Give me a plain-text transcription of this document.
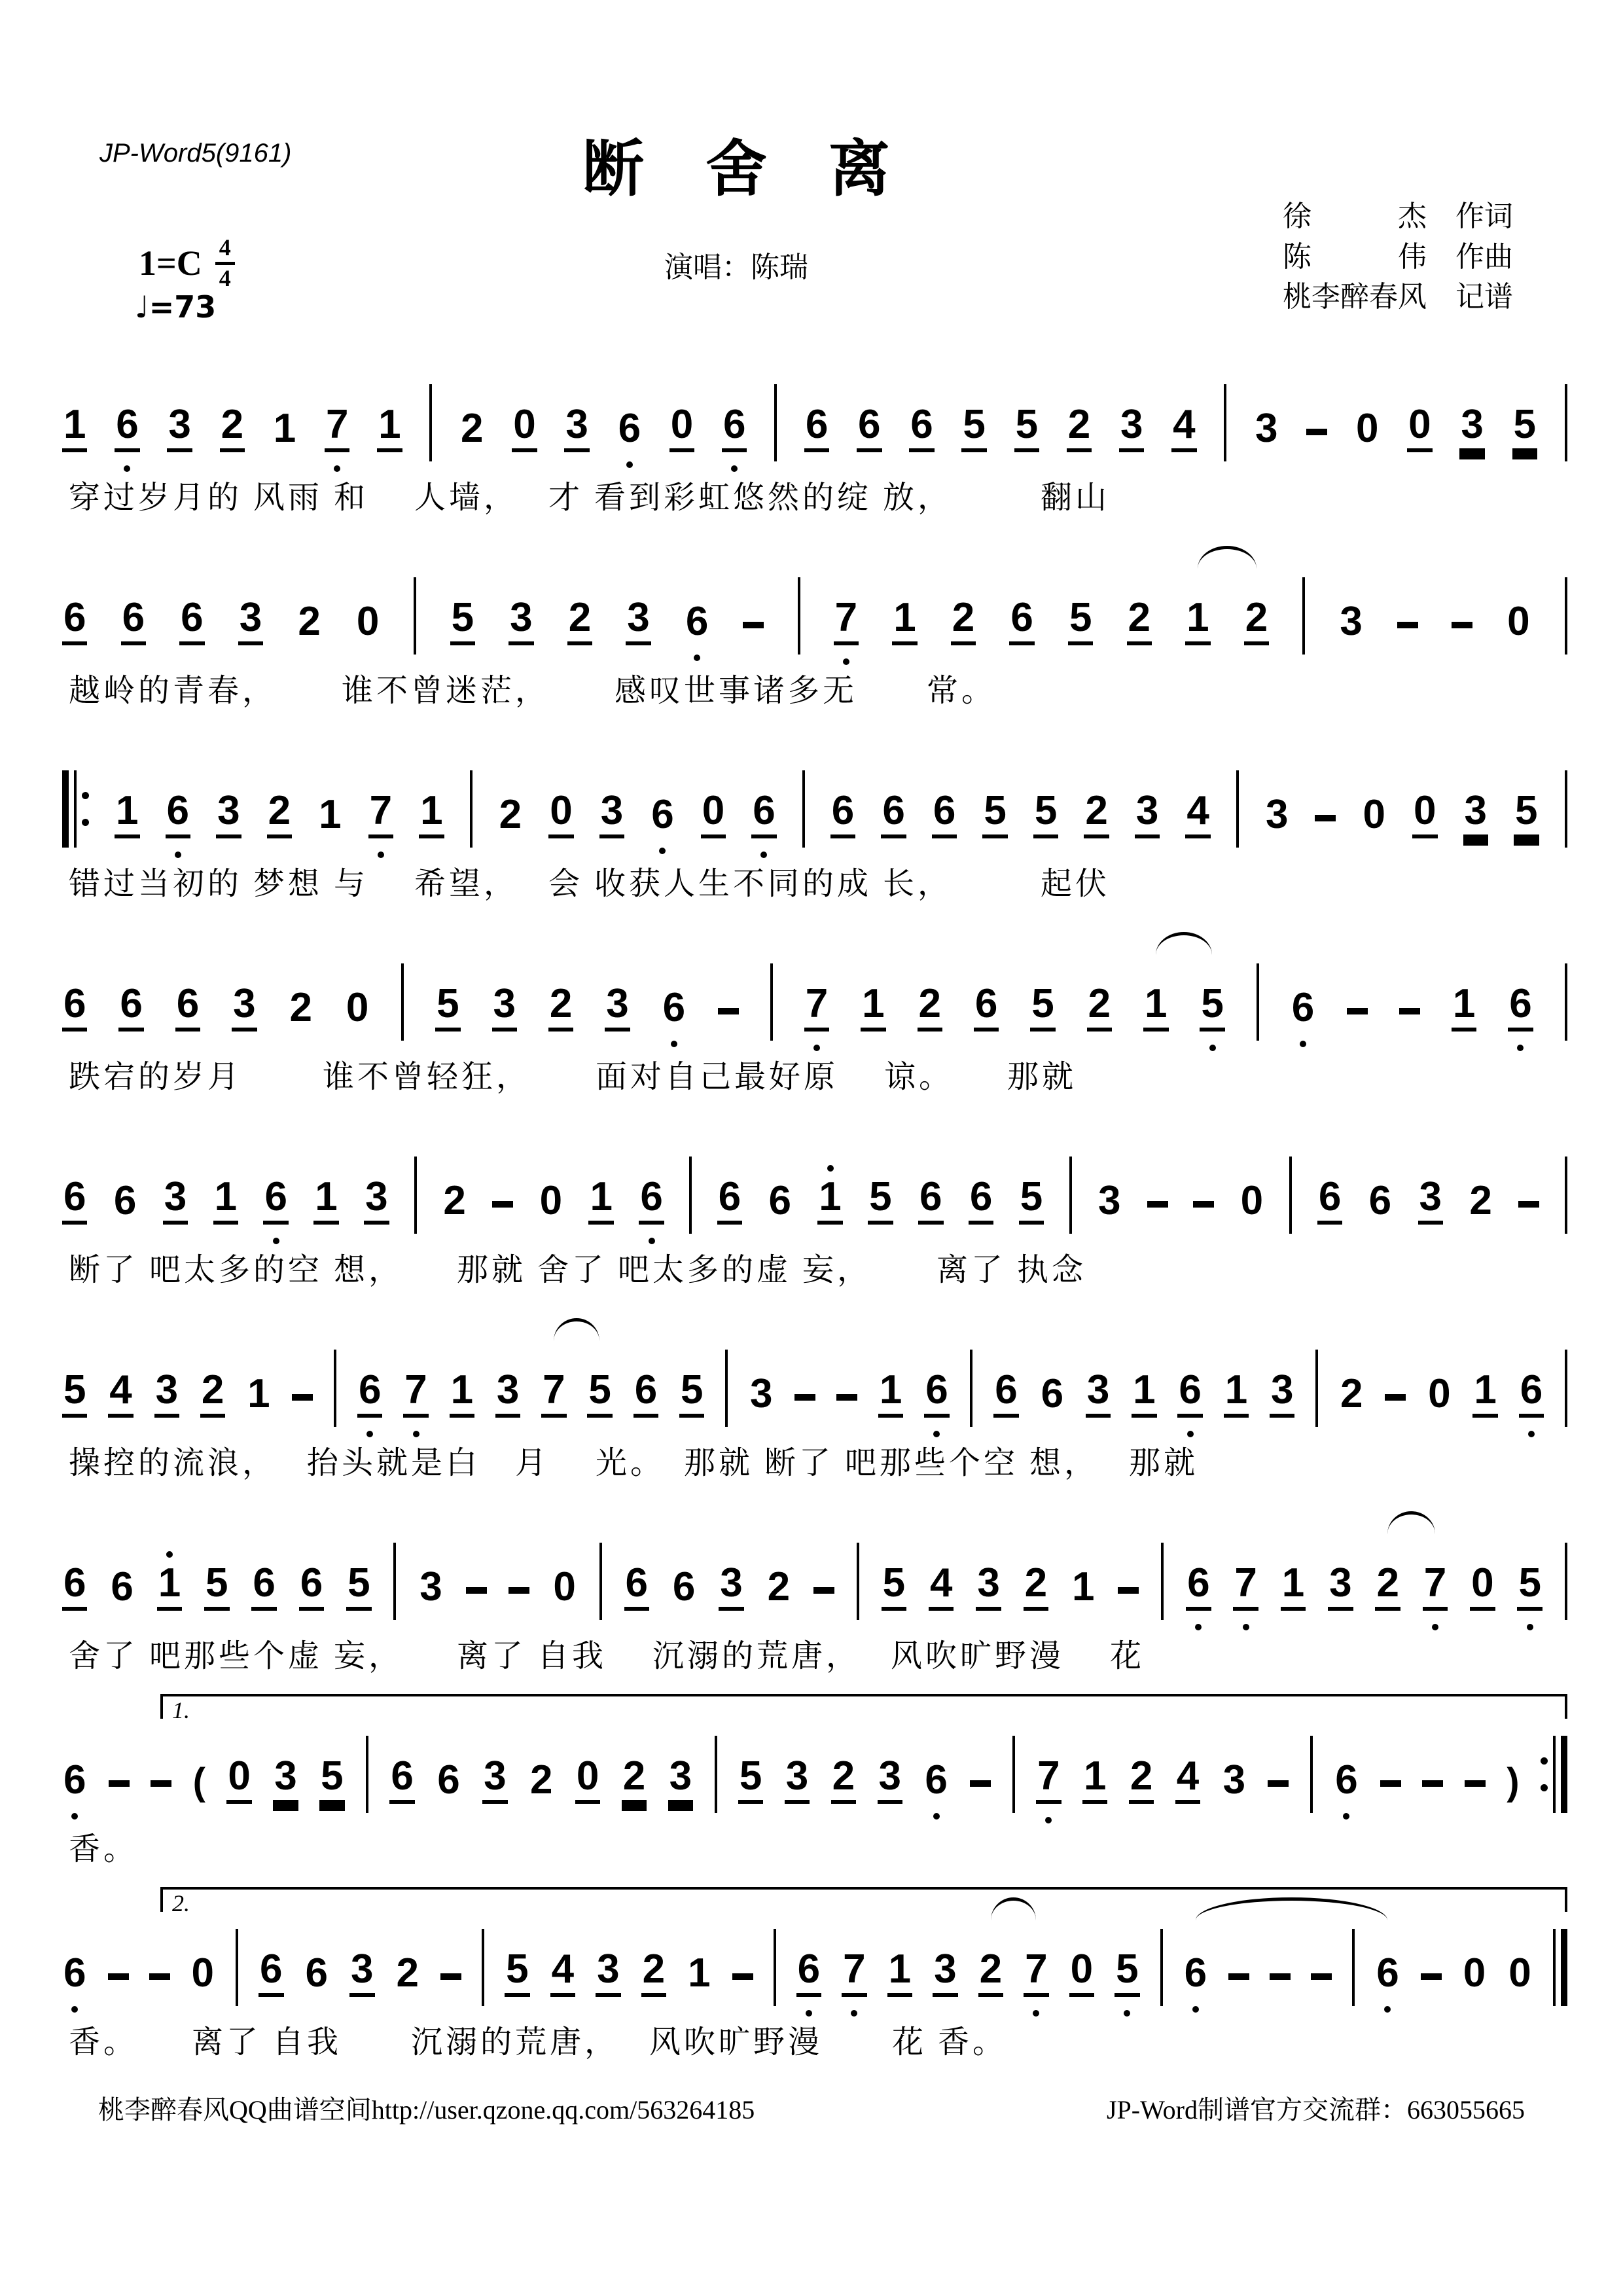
JP-Word5(9161)	断　舍　离
演唱：陈瑞
徐　　　杰　作词
陈　　　伟　作曲
桃李醉春风　记谱
$1=C \frac{4}{4}$
♩=73
1 6 3 2 1 7 1 2 0 3 6 0 6 6 6 6 5 5 2 3 4 3 0 0 3 5
穿过岁月的 风雨 和　 人墙，　 才 看到彩虹悠然的绽 放，　　　翻山
6 6 6 3 2 0 5 3 2 3 6	7 1 2 6 5 2 1 2 3	0
越岭的青春，　　 谁不曾迷茫，　　 感叹世事诸多无　　常。
1 6 3 2 1 7 1 2 0 3 6 0 6 6 6 6 5 5 2 3 4 3 0 0 3 5
错过当初的 梦想 与　 希望，　 会 收获人生不同的成 长，　　　起伏
6 6 6 3 2 0 5 3 2 3 6	7 1 2 6 5 2 1 5 6	1 6
跌宕的岁月　　 谁不曾轻狂，　　 面对自己最好原　 谅。　　那就
6 6 3 1 6 1 3 2 0 1 6 6 6 1 5 6 6 5 3	0 6 6 3 2
断了 吧太多的空 想，　　那就 舍了 吧太多的虚 妄，　　 离了 执念
5 4 3 2 1 6 7 1 3 7 5 6 5 3	1 6 6 6 3 1 6 1 3 2 0 1 6
操控的流浪，　 抬头就是白　月　 光。　那就 断了 吧那些个空 想，　 那就
6 6 1 5 6 6 5 3	0 6 6 3 2 5 4 3 2 1 6 7 1 3 2 7 0 5
舍了 吧那些个虚 妄，　　离了 自我　 沉溺的荒唐，　 风吹旷野漫　 花
1.
6	( 0 3 5 6 6 3 2 0 2 3 5 3 2 3 6 7 1 2 4 3 6	)
香。
2.
6	0 6 6 3 2 5 4 3 2 1 6 7 1 3 2 7 0 5 6	6 0 0
香。　　离了 自我　　沉溺的荒唐，　 风吹旷野漫　　花 香。
桃李醉春风QQ曲谱空间http://user.qzone.qq.com/563264185	JP-Word制谱官方交流群：663055665
